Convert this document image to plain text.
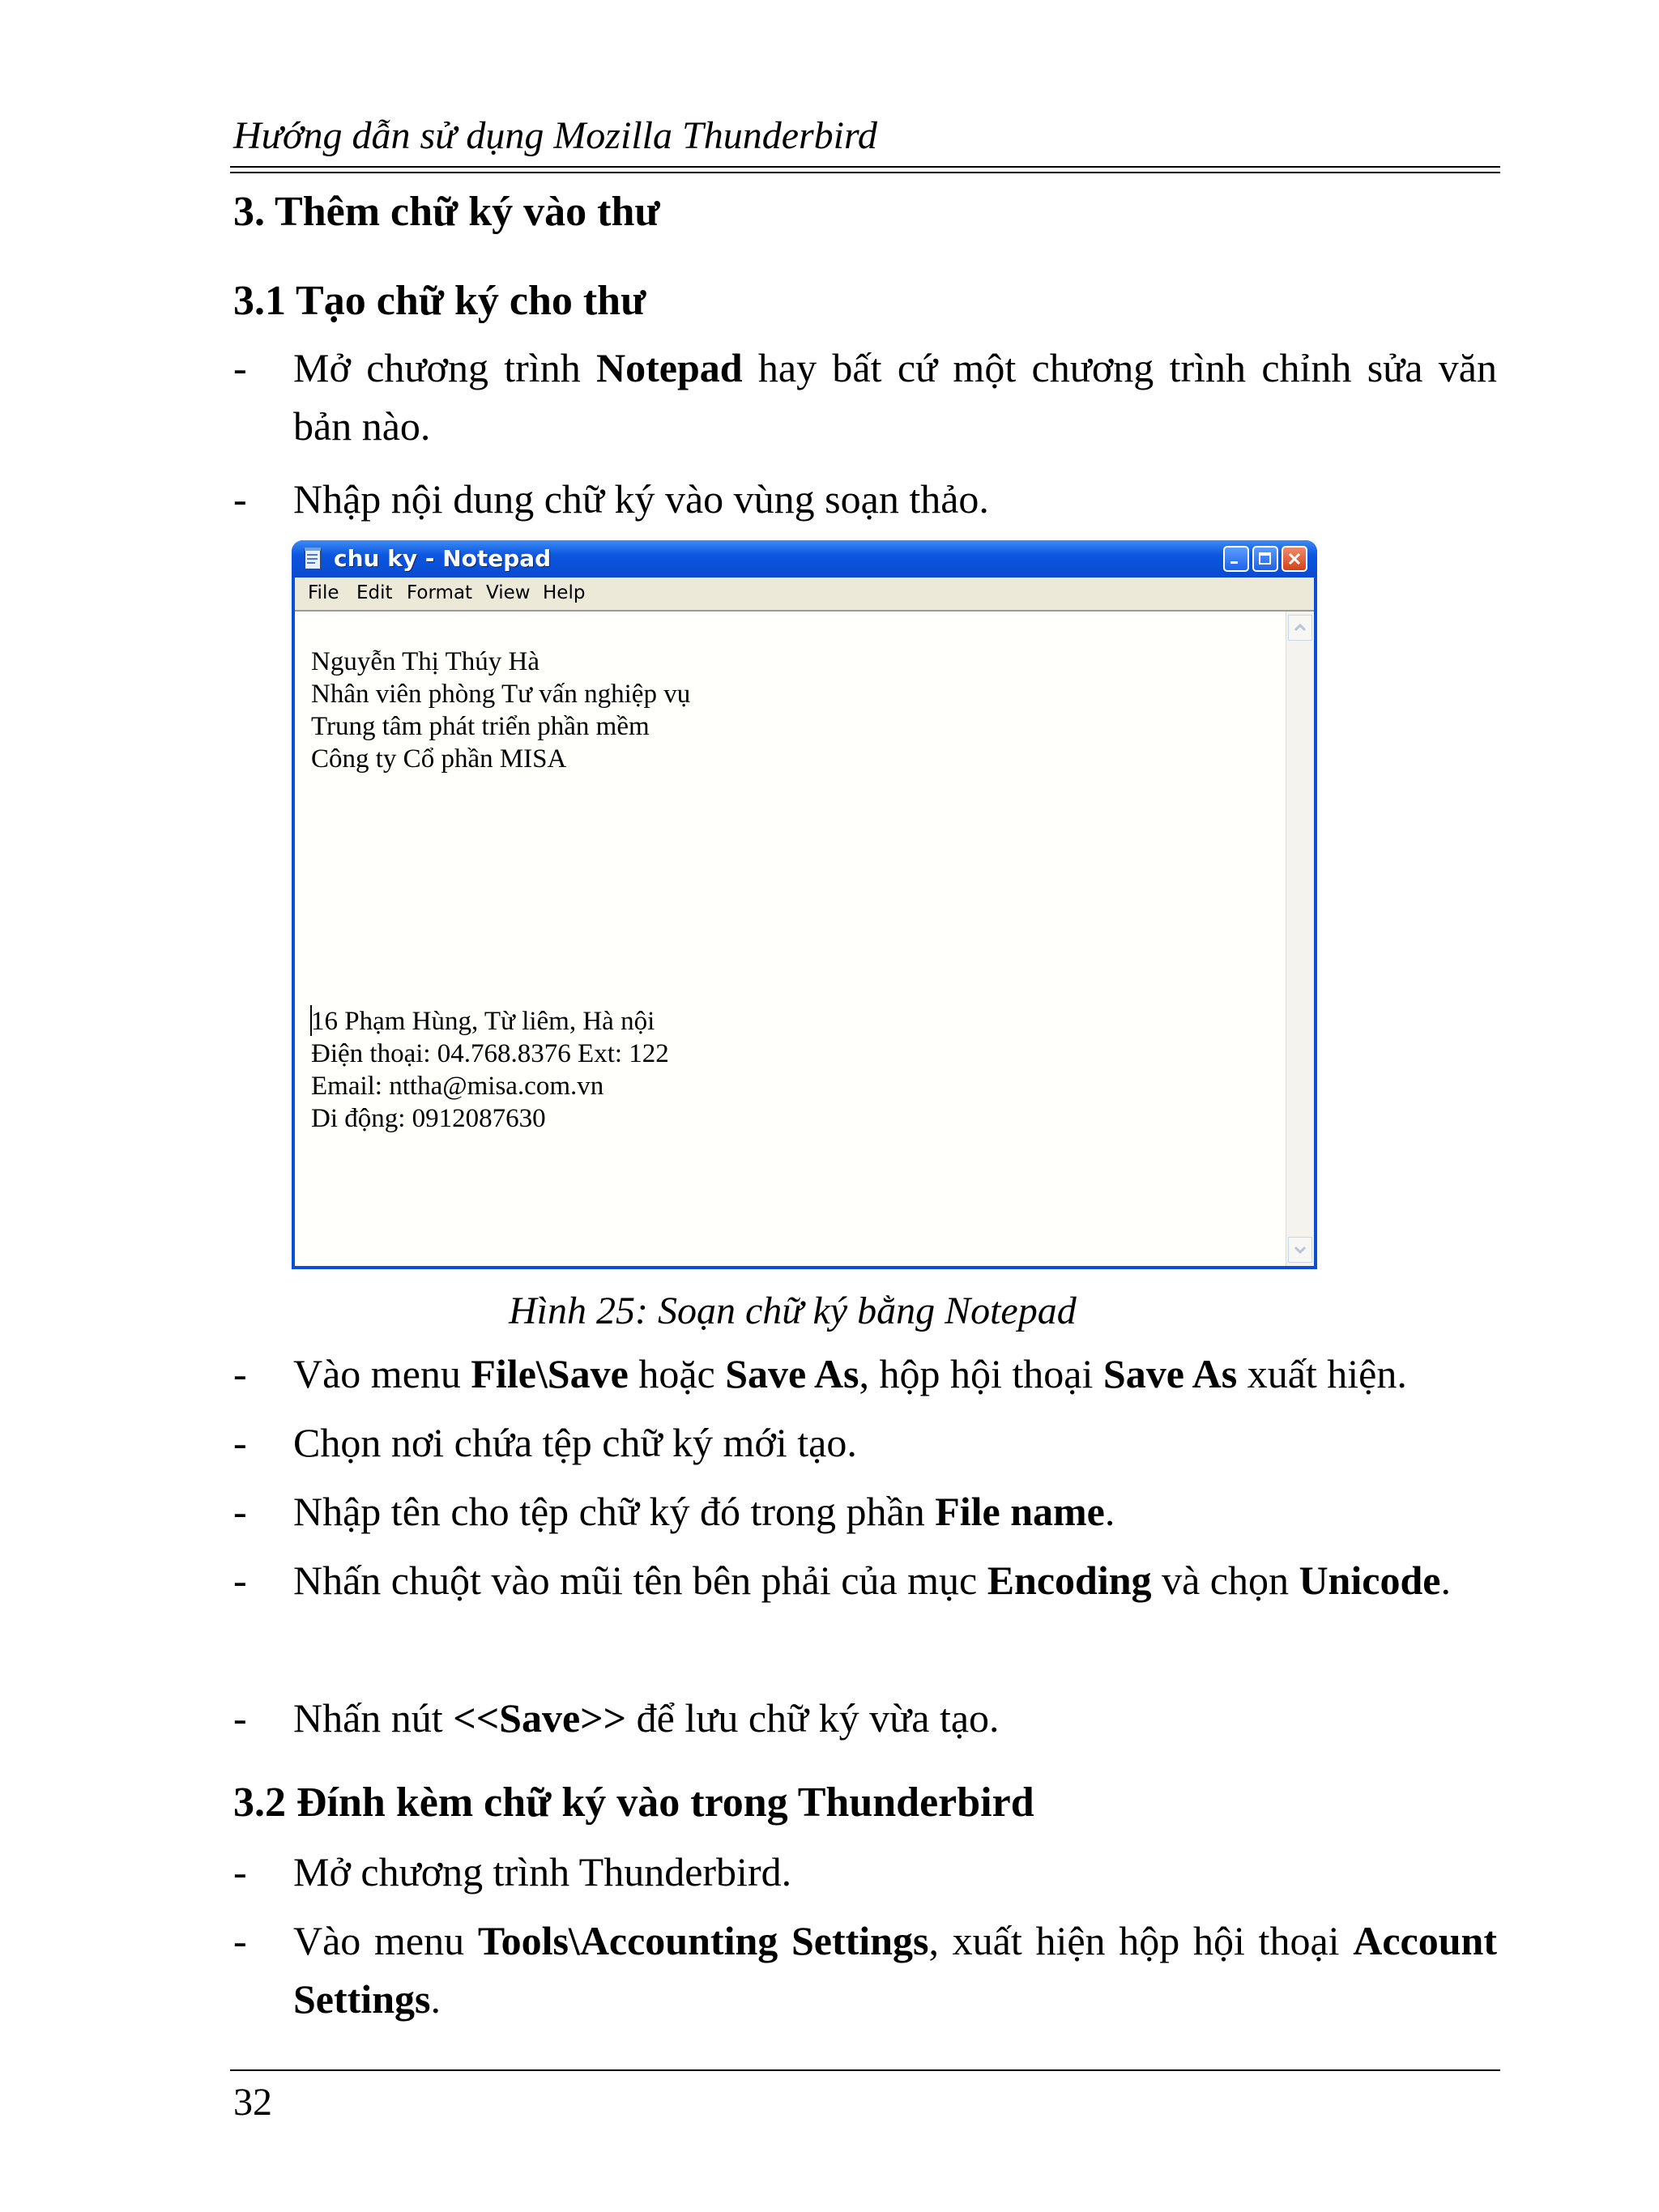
Hướng dẫn sử dụng Mozilla Thunderbird
3. Thêm chữ ký vào thư
3.1 Tạo chữ ký cho thư
- Mở chương trình Notepad hay bất cứ một chương trình chỉnh sửa văn bản nào.
- Nhập nội dung chữ ký vào vùng soạn thảo.
chu ky - Notepad
File Edit Format View Help
Nguyễn Thị Thúy Hà
Nhân viên phòng Tư vấn nghiệp vụ
Trung tâm phát triển phần mềm
Công ty Cổ phần MISA
16 Phạm Hùng, Từ liêm, Hà nội
Điện thoại: 04.768.8376 Ext: 122
Email: nttha@misa.com.vn
Di động: 0912087630
Hình 25: Soạn chữ ký bằng Notepad
- Vào menu File\Save hoặc Save As, hộp hội thoại Save As xuất hiện.
- Chọn nơi chứa tệp chữ ký mới tạo.
- Nhập tên cho tệp chữ ký đó trong phần File name.
- Nhấn chuột vào mũi tên bên phải của mục Encoding và chọn Unicode.
- Nhấn nút <<Save>> để lưu chữ ký vừa tạo.
3.2 Đính kèm chữ ký vào trong Thunderbird
- Mở chương trình Thunderbird.
- Vào menu Tools\Accounting Settings, xuất hiện hộp hội thoại Account Settings.
32
